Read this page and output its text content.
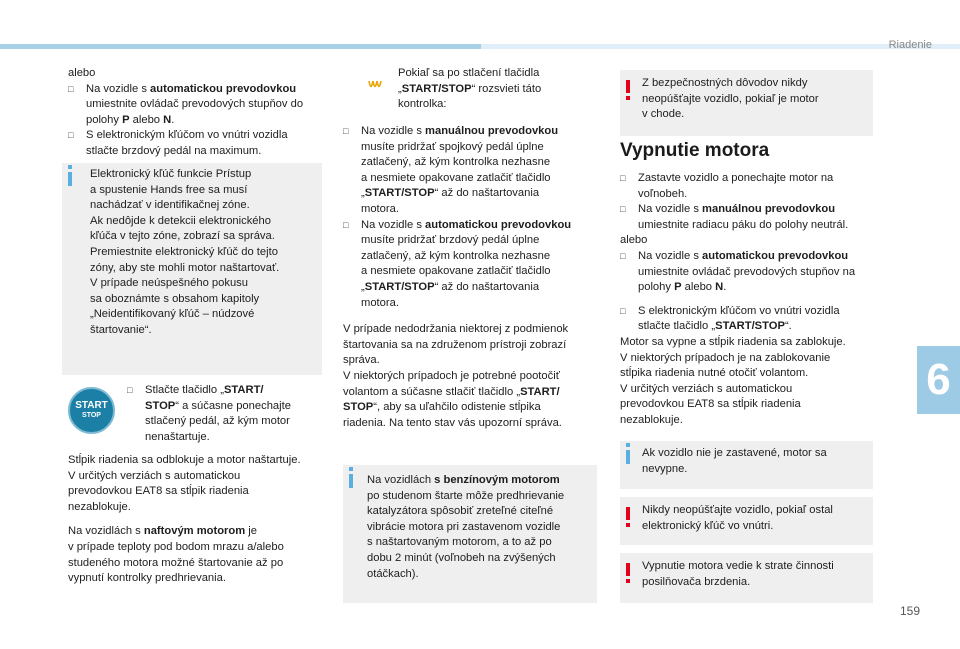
Riadenie
6
159
alebo
□ Na vozidle s automatickou prevodovkou
umiestnite ovládač prevodových stupňov do
polohy P alebo N.
□ S elektronickým kľúčom vo vnútri vozidla
stlačte brzdový pedál na maximum.
Elektronický kľúč funkcie Prístup
a spustenie Hands free sa musí
nachádzať v identifikačnej zóne.
Ak nedôjde k detekcii elektronického
kľúča v tejto zóne, zobrazí sa správa.
Premiestnite elektronický kľúč do tejto
zóny, aby ste mohli motor naštartovať.
V prípade neúspešného pokusu
sa oboznámte s obsahom kapitoly
„Neidentifikovaný kľúč – núdzové
štartovanie“.
START
STOP
□ Stlačte tlačidlo „START/
STOP“ a súčasne ponechajte
stlačený pedál, až kým motor
nenaštartuje.
Stĺpik riadenia sa odblokuje a motor naštartuje.
V určitých verziách s automatickou
prevodovkou EAT8 sa stĺpik riadenia
nezablokuje.
Na vozidlách s naftovým motorom je
v prípade teploty pod bodom mrazu a/alebo
studeného motora možné štartovanie až po
vypnutí kontrolky predhrievania.
Pokiaľ sa po stlačení tlačidla
„START/STOP“ rozsvieti táto
kontrolka:
□ Na vozidle s manuálnou prevodovkou
musíte pridržať spojkový pedál úplne
zatlačený, až kým kontrolka nezhasne
a nesmiete opakovane zatlačiť tlačidlo
„START/STOP“ až do naštartovania
motora.
□ Na vozidle s automatickou prevodovkou
musíte pridržať brzdový pedál úplne
zatlačený, až kým kontrolka nezhasne
a nesmiete opakovane zatlačiť tlačidlo
„START/STOP“ až do naštartovania
motora.
V prípade nedodržania niektorej z podmienok
štartovania sa na združenom prístroji zobrazí
správa.
V niektorých prípadoch je potrebné pootočiť
volantom a súčasne stlačiť tlačidlo „START/
STOP“, aby sa uľahčilo odistenie stĺpika
riadenia. Na tento stav vás upozorní správa.
Na vozidlách s benzínovým motorom
po studenom štarte môže predhrievanie
katalyzátora spôsobiť zreteľné citeľné
vibrácie motora pri zastavenom vozidle
s naštartovaným motorom, a to až po
dobu 2 minút (voľnobeh na zvýšených
otáčkach).
Z bezpečnostných dôvodov nikdy
neopúšťajte vozidlo, pokiaľ je motor
v chode.
Vypnutie motora
□ Zastavte vozidlo a ponechajte motor na
voľnobeh.
□ Na vozidle s manuálnou prevodovkou
umiestnite radiacu páku do polohy neutrál.
alebo
□ Na vozidle s automatickou prevodovkou
umiestnite ovládač prevodových stupňov na
polohy P alebo N.
□ S elektronickým kľúčom vo vnútri vozidla
stlačte tlačidlo „START/STOP“.
Motor sa vypne a stĺpik riadenia sa zablokuje.
V niektorých prípadoch je na zablokovanie
stĺpika riadenia nutné otočiť volantom.
V určitých verziách s automatickou
prevodovkou EAT8 sa stĺpik riadenia
nezablokuje.
Ak vozidlo nie je zastavené, motor sa
nevypne.
Nikdy neopúšťajte vozidlo, pokiaľ ostal
elektronický kľúč vo vnútri.
Vypnutie motora vedie k strate činnosti
posilňovača brzdenia.
